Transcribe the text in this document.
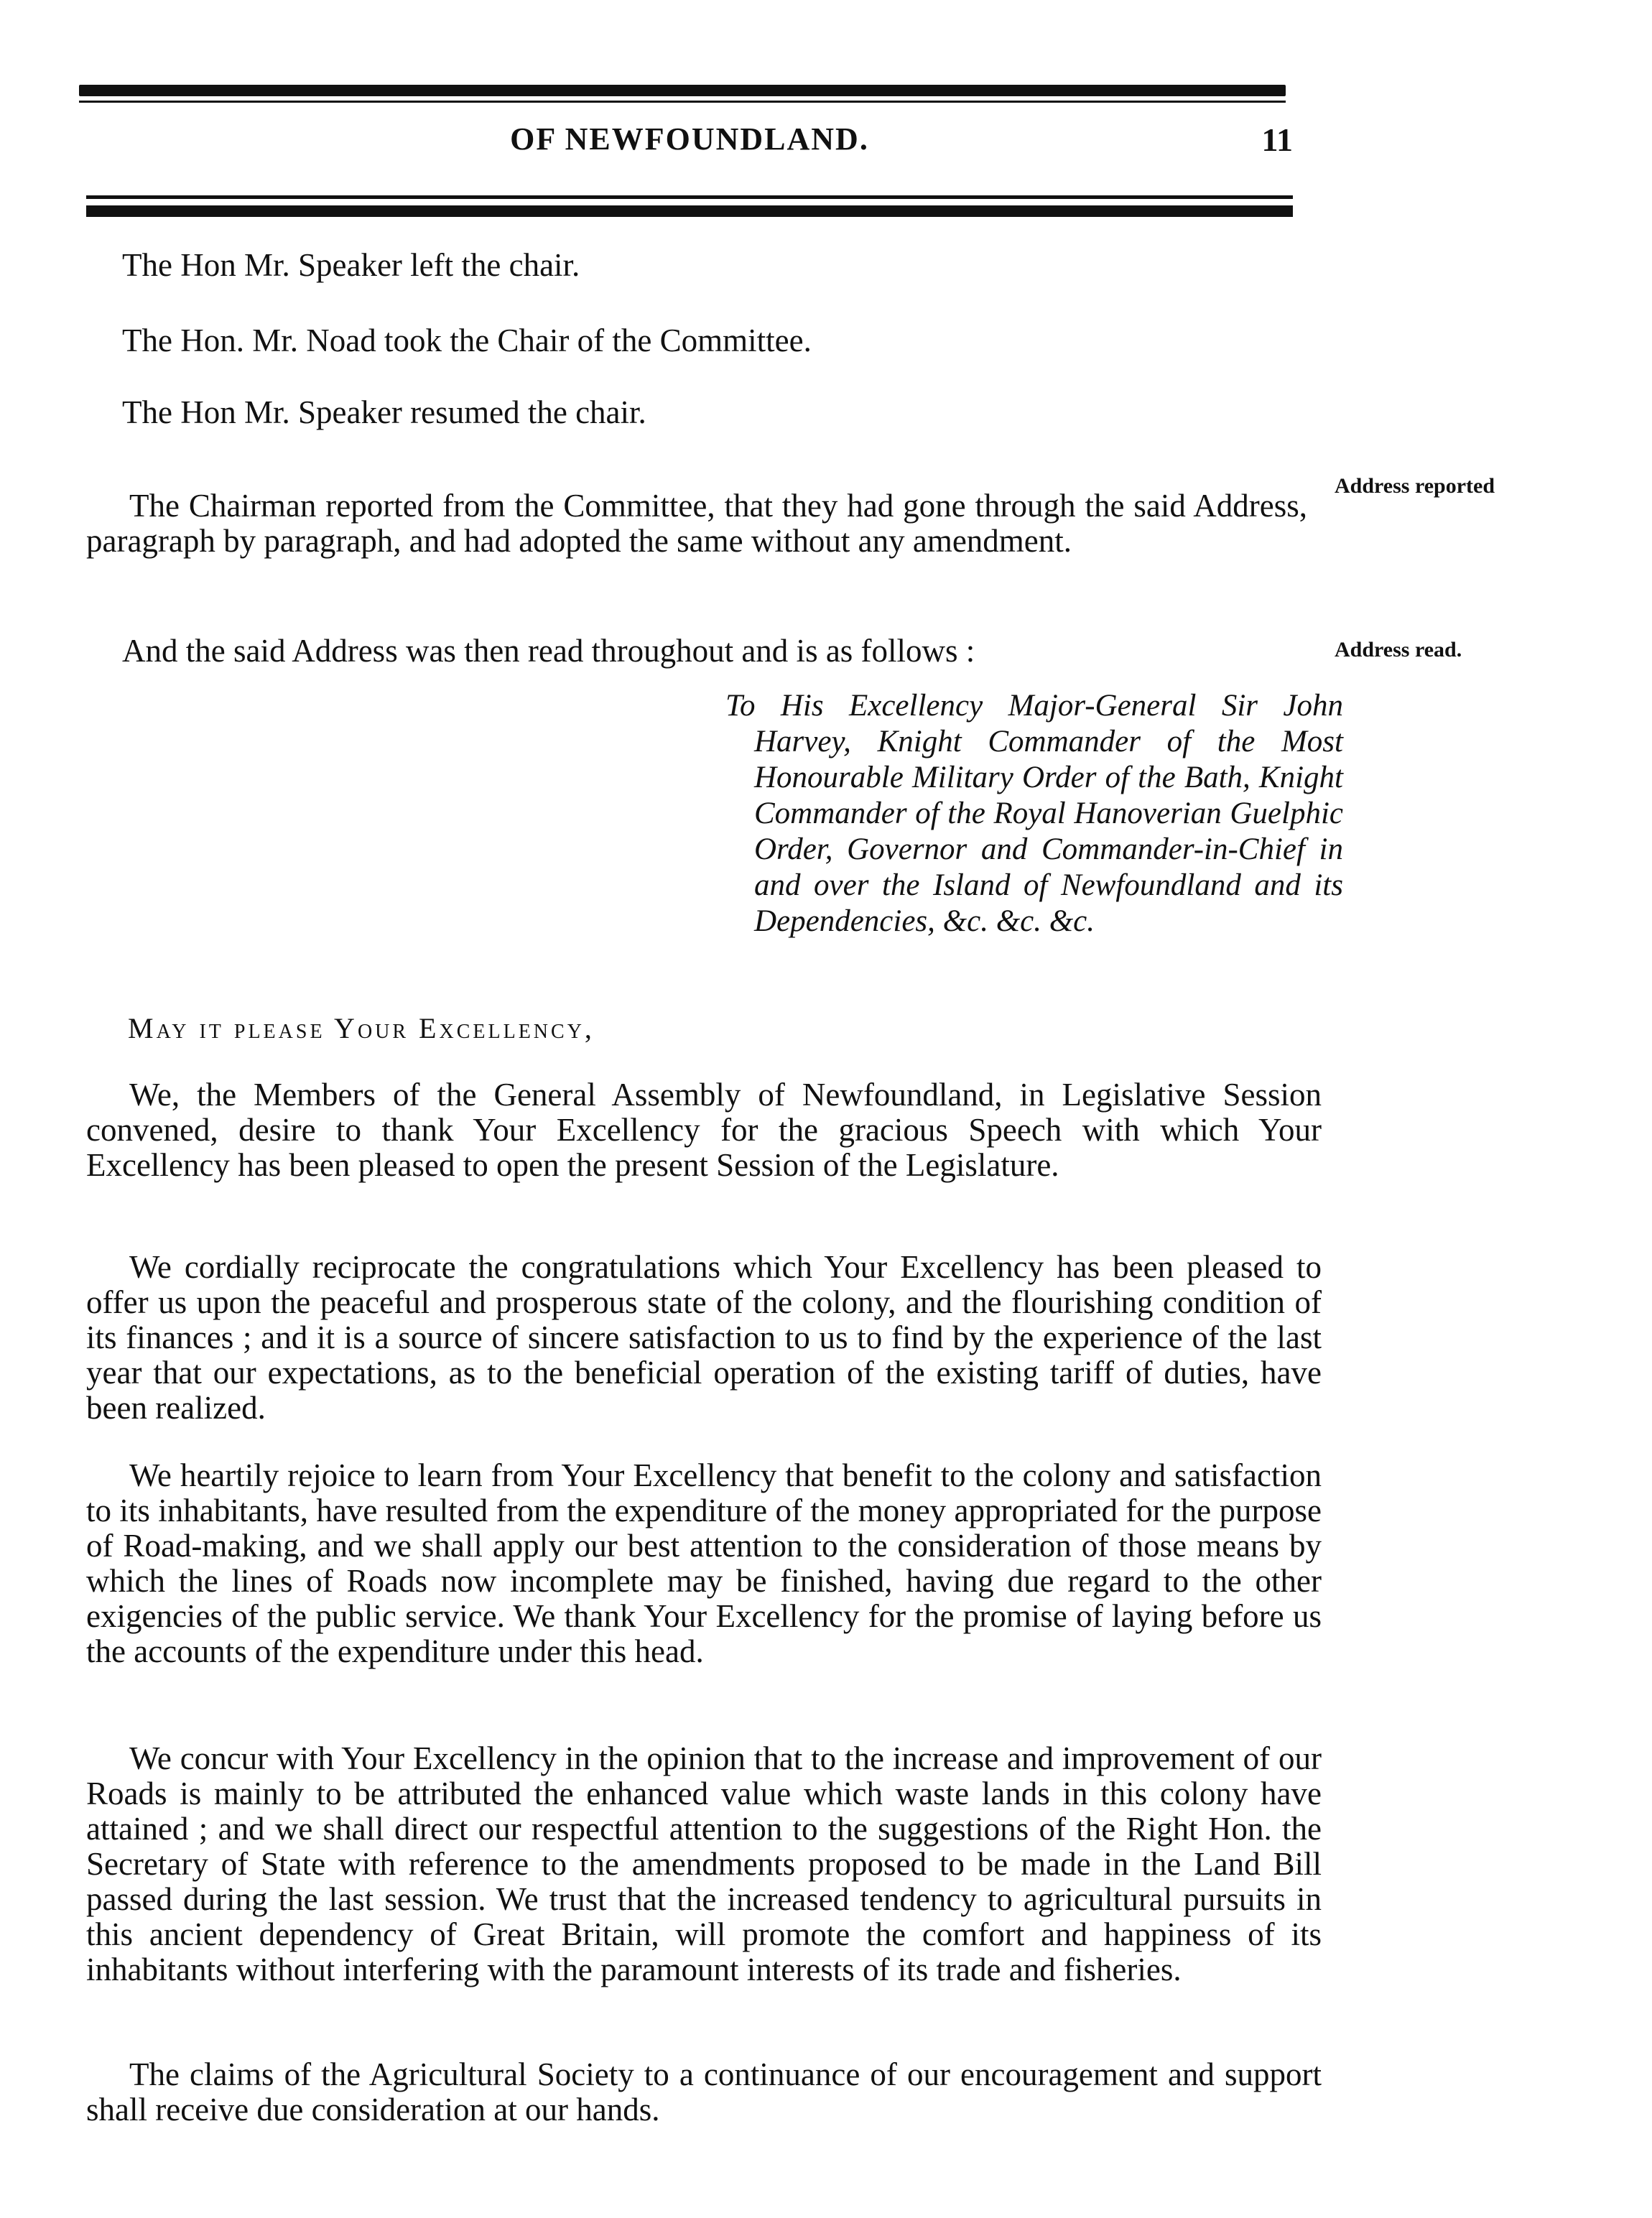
OF NEWFOUNDLAND.	11
The Hon Mr. Speaker left the chair.
The Hon. Mr. Noad took the Chair of the Committee.
The Hon Mr. Speaker resumed the chair.
The Chairman reported from the Committee, that they had gone through the said Address, paragraph by paragraph, and had adopted the same without any amendment.
Address reported
And the said Address was then read throughout and is as follows :	Address read.
To His Excellency Major-General Sir John Harvey, Knight Commander of the Most Honourable Military Order of the Bath, Knight Commander of the Royal Hanoverian Guelphic Order, Governor and Commander-in-Chief in and over the Island of Newfoundland and its Dependencies, &c. &c. &c.
May it please Your Excellency,
We, the Members of the General Assembly of Newfoundland, in Legislative Session convened, desire to thank Your Excellency for the gracious Speech with which Your Excellency has been pleased to open the present Session of the Legislature.
We cordially reciprocate the congratulations which Your Excellency has been pleased to offer us upon the peaceful and prosperous state of the colony, and the flourishing condition of its finances ; and it is a source of sincere satisfaction to us to find by the experience of the last year that our expectations, as to the beneficial operation of the existing tariff of duties, have been realized.
We heartily rejoice to learn from Your Excellency that benefit to the colony and satisfaction to its inhabitants, have resulted from the expenditure of the money appropriated for the purpose of Road-making, and we shall apply our best attention to the consideration of those means by which the lines of Roads now incomplete may be finished, having due regard to the other exigencies of the public service. We thank Your Excellency for the promise of laying before us the accounts of the expenditure under this head.
We concur with Your Excellency in the opinion that to the increase and improvement of our Roads is mainly to be attributed the enhanced value which waste lands in this colony have attained ; and we shall direct our respectful attention to the suggestions of the Right Hon. the Secretary of State with reference to the amendments proposed to be made in the Land Bill passed during the last session. We trust that the increased tendency to agricultural pursuits in this ancient dependency of Great Britain, will promote the comfort and happiness of its inhabitants without interfering with the paramount interests of its trade and fisheries.
The claims of the Agricultural Society to a continuance of our encouragement and support shall receive due consideration at our hands.
